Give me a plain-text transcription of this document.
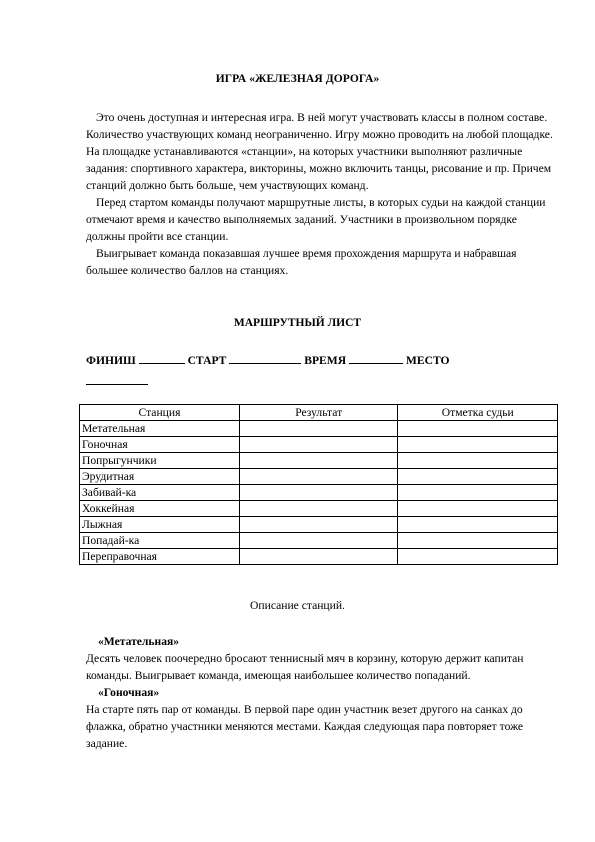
ИГРА «ЖЕЛЕЗНАЯ ДОРОГА»

Это очень доступная и интересная игра. В ней могут участвовать классы в полном составе. Количество участвующих команд неограниченно. Игру можно проводить на любой площадке. На площадке устанавливаются «станции», на которых участники выполняют различные задания: спортивного характера, викторины, можно включить танцы, рисование и пр. Причем станций должно быть больше, чем участвующих команд.

Перед стартом команды получают маршрутные листы, в которых судьи на каждой станции отмечают время и качество выполняемых заданий. Участники в произвольном порядке должны пройти все станции.

Выигрывает команда показавшая лучшее время прохождения маршрута и набравшая большее количество баллов на станциях.

МАРШРУТНЫЙ ЛИСТ
ФИНИШ	СТАРТ	ВРЕМЯ	МЕСТО

Станция	Результат	Отметка судьи
Метательная		
Гоночная		
Попрыгунчики		
Эрудитная		
Забивай-ка		
Хоккейная		
Лыжная		
Попадай-ка		
Переправочная		
Описание станций.

«Метательная»

Десять человек поочередно бросают теннисный мяч в корзину, которую держит капитан команды. Выигрывает команда, имеющая наибольшее количество попаданий.

«Гоночная»

На старте пять пар от команды. В первой паре один участник везет другого на санках до флажка, обратно участники меняются местами. Каждая следующая пара повторяет тоже задание.
